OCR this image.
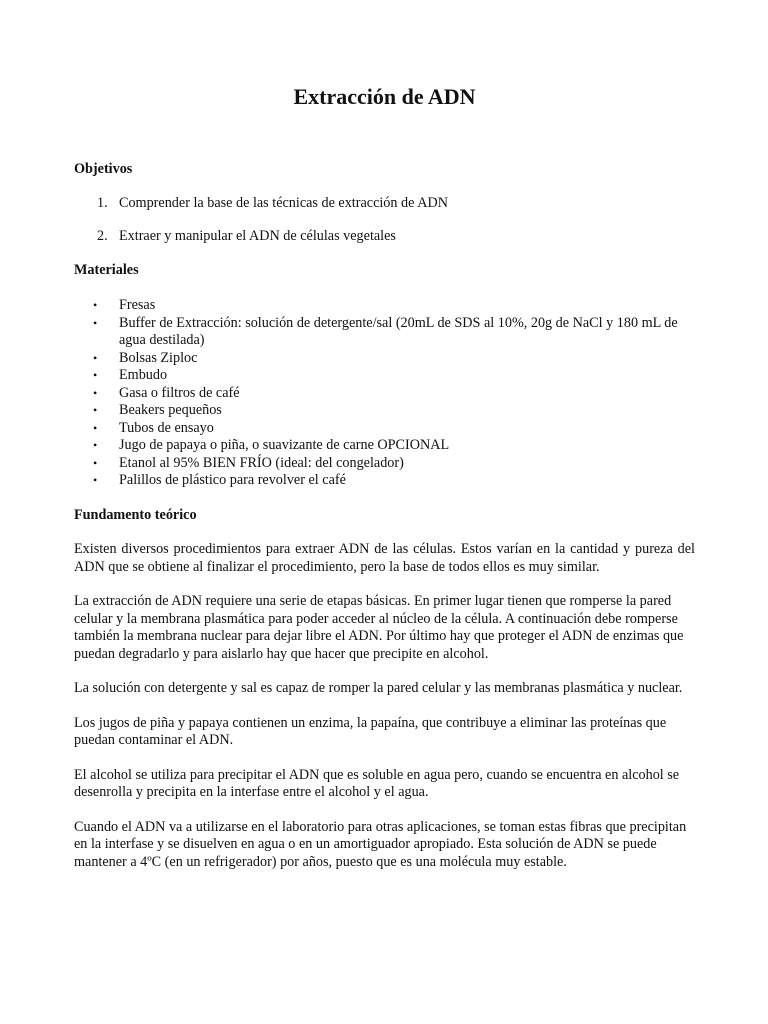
Extracción de ADN
Objetivos
1. Comprender la base de las técnicas de extracción de ADN
2. Extraer y manipular el ADN de células vegetales
Materiales
• Fresas
• Buffer de Extracción: solución de detergente/sal (20mL de SDS al 10%, 20g de NaCl y 180 mL de agua destilada)
• Bolsas Ziploc
• Embudo
• Gasa o filtros de café
• Beakers pequeños
• Tubos de ensayo
• Jugo de papaya o piña, o suavizante de carne OPCIONAL
• Etanol al 95% BIEN FRÍO (ideal: del congelador)
• Palillos de plástico para revolver el café
Fundamento teórico

Existen diversos procedimientos para extraer ADN de las células. Estos varían en la cantidad y pureza del ADN que se obtiene al finalizar el procedimiento, pero la base de todos ellos es muy similar.

La extracción de ADN requiere una serie de etapas básicas. En primer lugar tienen que romperse la pared celular y la membrana plasmática para poder acceder al núcleo de la célula. A continuación debe romperse también la membrana nuclear para dejar libre el ADN. Por último hay que proteger el ADN de enzimas que puedan degradarlo y para aislarlo hay que hacer que precipite en alcohol.

La solución con detergente y sal es capaz de romper la pared celular y las membranas plasmática y nuclear.

Los jugos de piña y papaya contienen un enzima, la papaína, que contribuye a eliminar las proteínas que puedan contaminar el ADN.

El alcohol se utiliza para precipitar el ADN que es soluble en agua pero, cuando se encuentra en alcohol se desenrolla y precipita en la interfase entre el alcohol y el agua.

Cuando el ADN va a utilizarse en el laboratorio para otras aplicaciones, se toman estas fibras que precipitan en la interfase y se disuelven en agua o en un amortiguador apropiado. Esta solución de ADN se puede mantener a 4ºC (en un refrigerador) por años, puesto que es una molécula muy estable.
